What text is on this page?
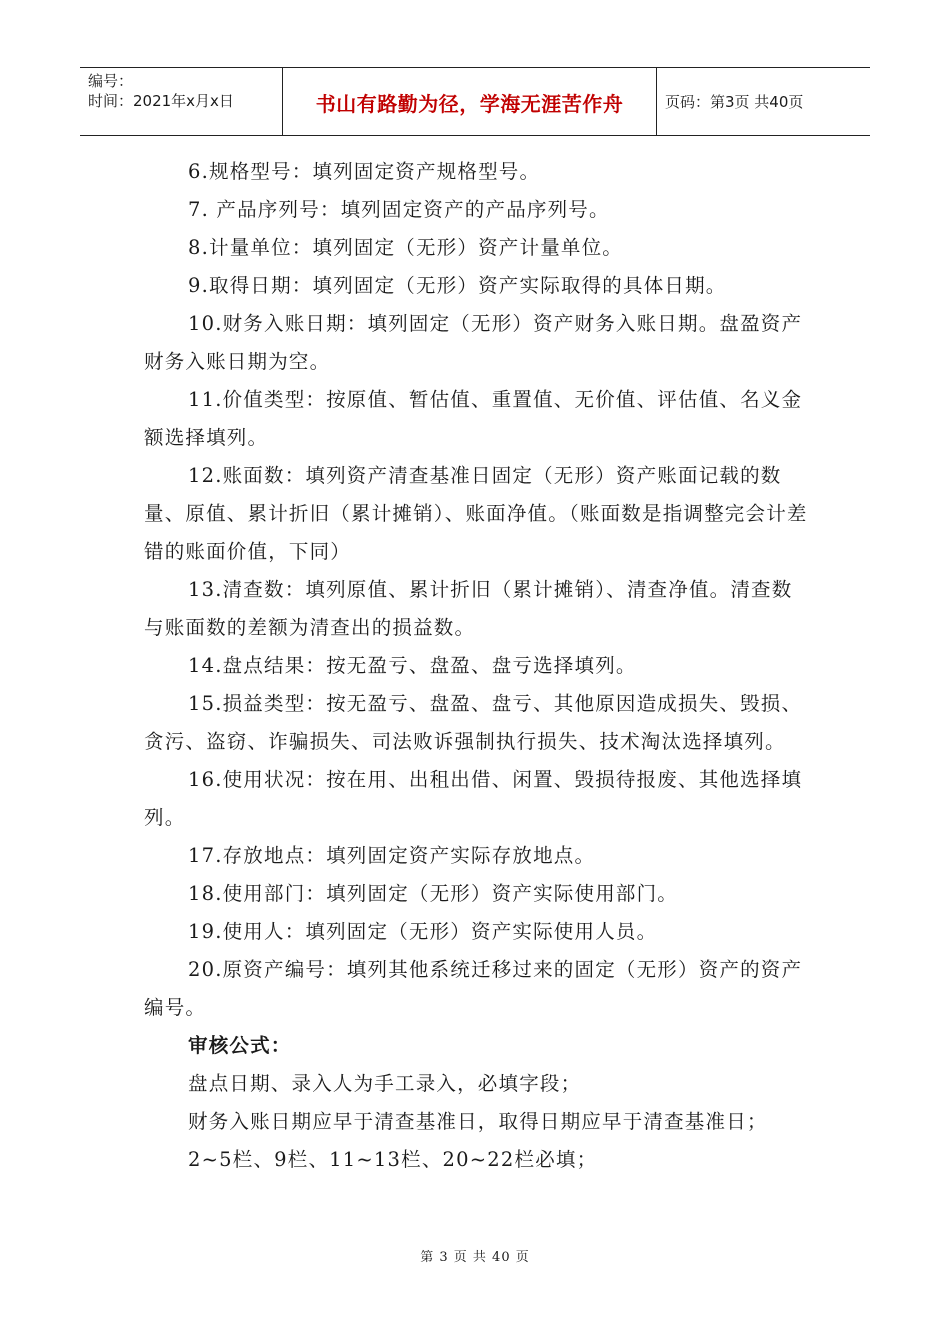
编号：
时间：2021年x月x日	书山有路勤为径，学海无涯苦作舟	页码：第3页 共40页

6.规格型号：填列固定资产规格型号。

7. 产品序列号：填列固定资产的产品序列号。

8.计量单位：填列固定（无形）资产计量单位。

9.取得日期：填列固定（无形）资产实际取得的具体日期。

10.财务入账日期：填列固定（无形）资产财务入账日期。盘盈资产财务入账日期为空。

11.价值类型：按原值、暂估值、重置值、无价值、评估值、名义金额选择填列。

12.账面数：填列资产清查基准日固定（无形）资产账面记载的数量、原值、累计折旧（累计摊销）、账面净值。（账面数是指调整完会计差错的账面价值，下同）

13.清查数：填列原值、累计折旧（累计摊销）、清查净值。清查数与账面数的差额为清查出的损益数。

14.盘点结果：按无盈亏、盘盈、盘亏选择填列。

15.损益类型：按无盈亏、盘盈、盘亏、其他原因造成损失、毁损、贪污、盗窃、诈骗损失、司法败诉强制执行损失、技术淘汰选择填列。

16.使用状况：按在用、出租出借、闲置、毁损待报废、其他选择填列。

17.存放地点：填列固定资产实际存放地点。

18.使用部门：填列固定（无形）资产实际使用部门。

19.使用人：填列固定（无形）资产实际使用人员。

20.原资产编号：填列其他系统迁移过来的固定（无形）资产的资产编号。

审核公式：

盘点日期、录入人为手工录入，必填字段；

财务入账日期应早于清查基准日，取得日期应早于清查基准日；

2~5栏、9栏、11~13栏、20~22栏必填；

第 3 页 共 40 页
